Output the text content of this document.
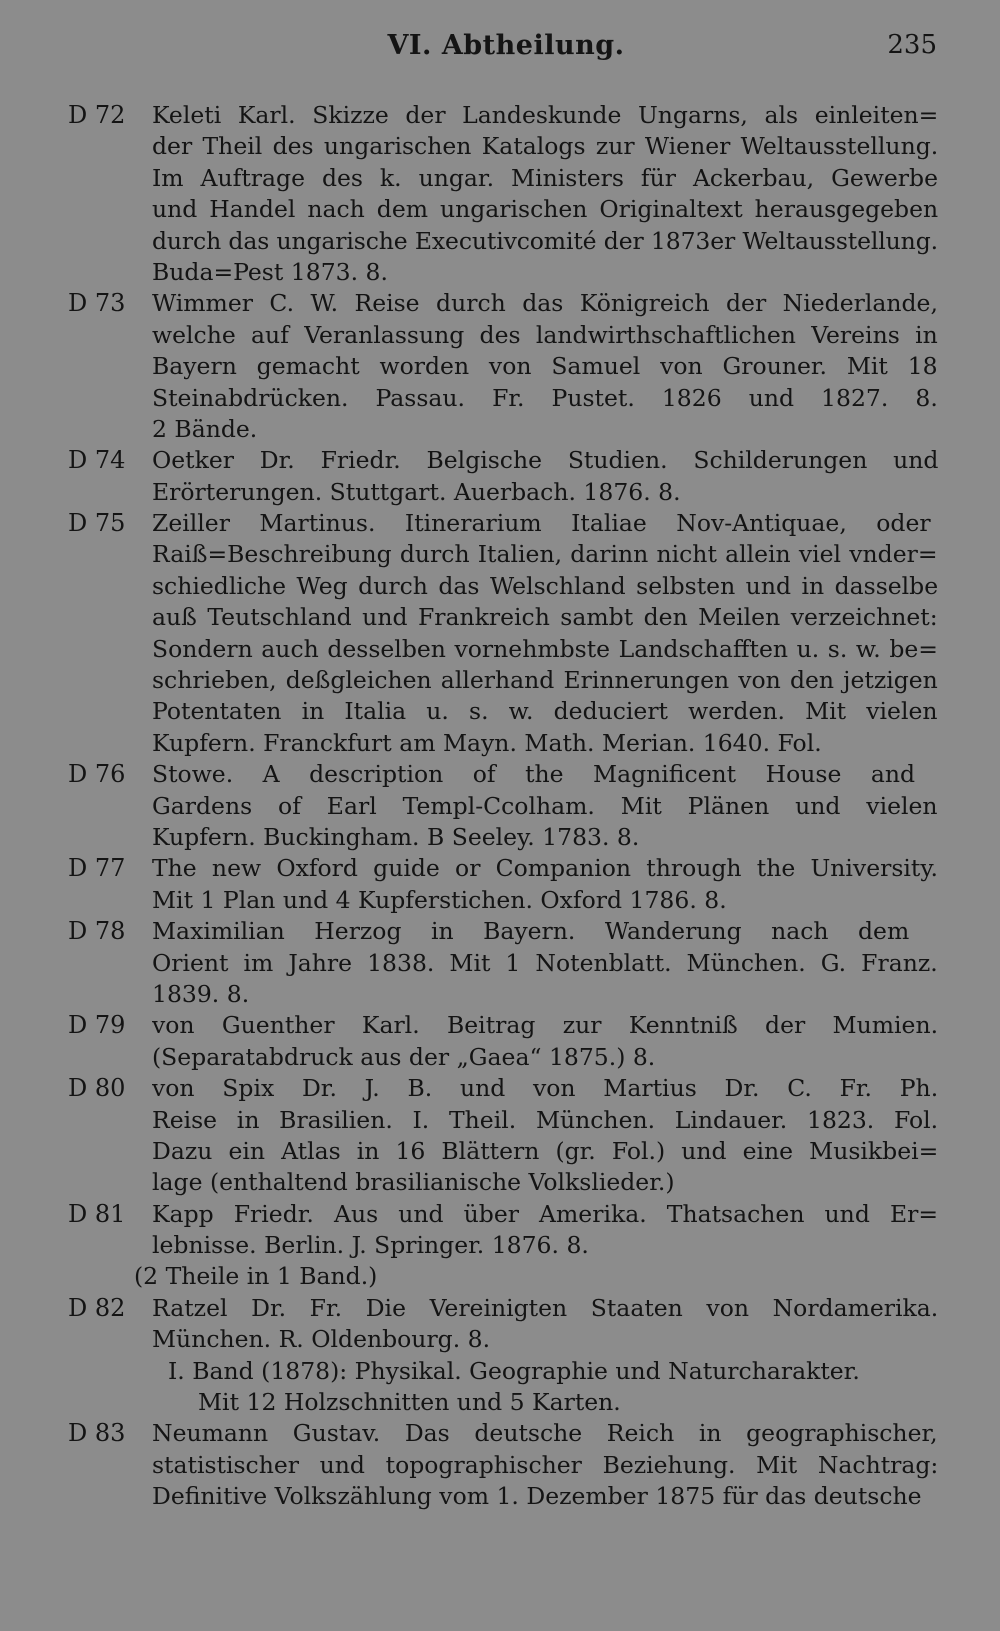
VI. Abtheilung.	235
D 72	Keleti Karl. Skizze der Landeskunde Ungarns, als einleiten=
der Theil des ungarischen Katalogs zur Wiener Weltausstellung.
Im Auftrage des k. ungar. Ministers für Ackerbau, Gewerbe
und Handel nach dem ungarischen Originaltext herausgegeben
durch das ungarische Executivcomité der 1873er Weltausstellung.
Buda=Pest 1873. 8.
D 73	Wimmer C. W. Reise durch das Königreich der Niederlande,
welche auf Veranlassung des landwirthschaftlichen Vereins in
Bayern gemacht worden von Samuel von Grouner. Mit 18
Steinabdrücken. Passau. Fr. Pustet. 1826 und 1827. 8.
2 Bände.
D 74	Oetker Dr. Friedr. Belgische Studien. Schilderungen und
Erörterungen. Stuttgart. Auerbach. 1876. 8.
D 75	Zeiller Martinus. Itinerarium Italiae Nov-Antiquae, oder
Raiß=Beschreibung durch Italien, darinn nicht allein viel vnder=
schiedliche Weg durch das Welschland selbsten und in dasselbe
auß Teutschland und Frankreich sambt den Meilen verzeichnet:
Sondern auch desselben vornehmbste Landschafften u. s. w. be=
schrieben, deßgleichen allerhand Erinnerungen von den jetzigen
Potentaten in Italia u. s. w. deduciert werden. Mit vielen
Kupfern. Franckfurt am Mayn. Math. Merian. 1640. Fol.
D 76	Stowe. A description of the Magnificent House and
Gardens of Earl Templ-Ccolham. Mit Plänen und vielen
Kupfern. Buckingham. B Seeley. 1783. 8.
D 77	The new Oxford guide or Companion through the University.
Mit 1 Plan und 4 Kupferstichen. Oxford 1786. 8.
D 78	Maximilian Herzog in Bayern. Wanderung nach dem
Orient im Jahre 1838. Mit 1 Notenblatt. München. G. Franz.
1839. 8.
D 79	von Guenther Karl. Beitrag zur Kenntniß der Mumien.
(Separatabdruck aus der „Gaea“ 1875.) 8.
D 80	von Spix Dr. J. B. und von Martius Dr. C. Fr. Ph.
Reise in Brasilien. I. Theil. München. Lindauer. 1823. Fol.
Dazu ein Atlas in 16 Blättern (gr. Fol.) und eine Musikbei=
lage (enthaltend brasilianische Volkslieder.)
D 81	Kapp Friedr. Aus und über Amerika. Thatsachen und Er=
lebnisse. Berlin. J. Springer. 1876. 8.
(2 Theile in 1 Band.)
D 82	Ratzel Dr. Fr. Die Vereinigten Staaten von Nordamerika.
München. R. Oldenbourg. 8.
I. Band (1878): Physikal. Geographie und Naturcharakter.
Mit 12 Holzschnitten und 5 Karten.
D 83	Neumann Gustav. Das deutsche Reich in geographischer,
statistischer und topographischer Beziehung. Mit Nachtrag:
Definitive Volkszählung vom 1. Dezember 1875 für das deutsche
